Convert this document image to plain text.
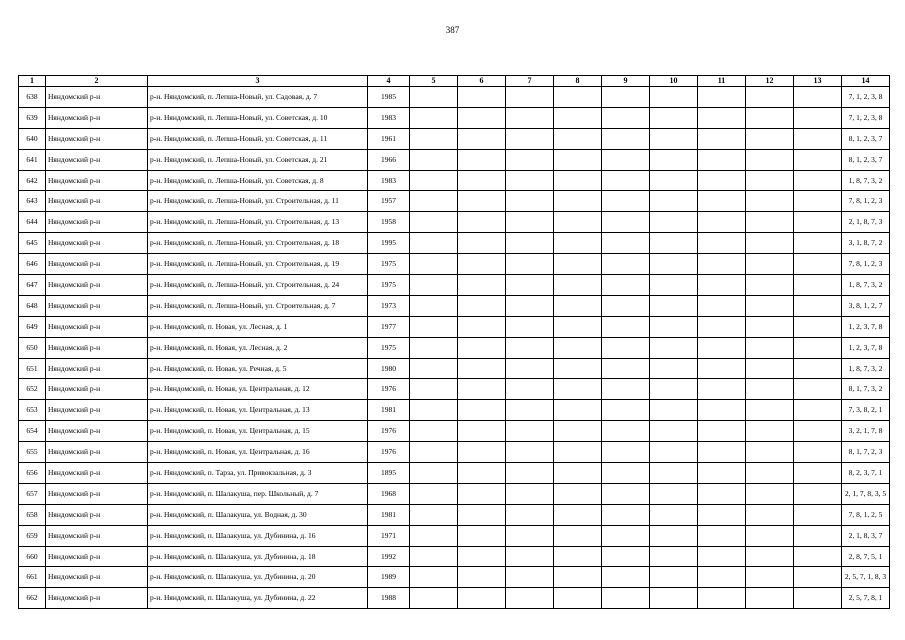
387
1	2	3	4	5	6	7	8	9	10	11	12	13	14
638	Няндомский р-н	р-н. Няндомский, п. Лепша-Новый, ул. Садовая, д. 7	1985										7, 1, 2, 3, 8
639	Няндомский р-н	р-н. Няндомский, п. Лепша-Новый, ул. Советская, д. 10	1983										7, 1, 2, 3, 8
640	Няндомский р-н	р-н. Няндомский, п. Лепша-Новый, ул. Советская, д. 11	1961										8, 1, 2, 3, 7
641	Няндомский р-н	р-н. Няндомский, п. Лепша-Новый, ул. Советская, д. 21	1966										8, 1, 2, 3, 7
642	Няндомский р-н	р-н. Няндомский, п. Лепша-Новый, ул. Советская, д. 8	1983										1, 8, 7, 3, 2
643	Няндомский р-н	р-н. Няндомский, п. Лепша-Новый, ул. Строительная, д. 11	1957										7, 8, 1, 2, 3
644	Няндомский р-н	р-н. Няндомский, п. Лепша-Новый, ул. Строительная, д. 13	1958										2, 1, 8, 7, 3
645	Няндомский р-н	р-н. Няндомский, п. Лепша-Новый, ул. Строительная, д. 18	1995										3, 1, 8, 7, 2
646	Няндомский р-н	р-н. Няндомский, п. Лепша-Новый, ул. Строительная, д. 19	1975										7, 8, 1, 2, 3
647	Няндомский р-н	р-н. Няндомский, п. Лепша-Новый, ул. Строительная, д. 24	1975										1, 8, 7, 3, 2
648	Няндомский р-н	р-н. Няндомский, п. Лепша-Новый, ул. Строительная, д. 7	1973										3, 8, 1, 2, 7
649	Няндомский р-н	р-н. Няндомский, п. Новая, ул. Лесная, д. 1	1977										1, 2, 3, 7, 8
650	Няндомский р-н	р-н. Няндомский, п. Новая, ул. Лесная, д. 2	1975										1, 2, 3, 7, 8
651	Няндомский р-н	р-н. Няндомский, п. Новая, ул. Речная, д. 5	1980										1, 8, 7, 3, 2
652	Няндомский р-н	р-н. Няндомский, п. Новая, ул. Центральная, д. 12	1976										8, 1, 7, 3, 2
653	Няндомский р-н	р-н. Няндомский, п. Новая, ул. Центральная, д. 13	1981										7, 3, 8, 2, 1
654	Няндомский р-н	р-н. Няндомский, п. Новая, ул. Центральная, д. 15	1976										3, 2, 1, 7, 8
655	Няндомский р-н	р-н. Няндомский, п. Новая, ул. Центральная, д. 16	1976										8, 1, 7, 2, 3
656	Няндомский р-н	р-н. Няндомский, п. Тарза, ул. Привокзальная, д. 3	1895										8, 2, 3, 7, 1
657	Няндомский р-н	р-н. Няндомский, п. Шалакуша, пер. Школьный, д. 7	1968										2, 1, 7, 8, 3, 5
658	Няндомский р-н	р-н. Няндомский, п. Шалакуша, ул. Водная, д. 30	1981										7, 8, 1, 2, 5
659	Няндомский р-н	р-н. Няндомский, п. Шалакуша, ул. Дубинина, д. 16	1971										2, 1, 8, 3, 7
660	Няндомский р-н	р-н. Няндомский, п. Шалакуша, ул. Дубинина, д. 18	1992										2, 8, 7, 5, 1
661	Няндомский р-н	р-н. Няндомский, п. Шалакуша, ул. Дубинина, д. 20	1989										2, 5, 7, 1, 8, 3
662	Няндомский р-н	р-н. Няндомский, п. Шалакуша, ул. Дубинина, д. 22	1988										2, 5, 7, 8, 1
